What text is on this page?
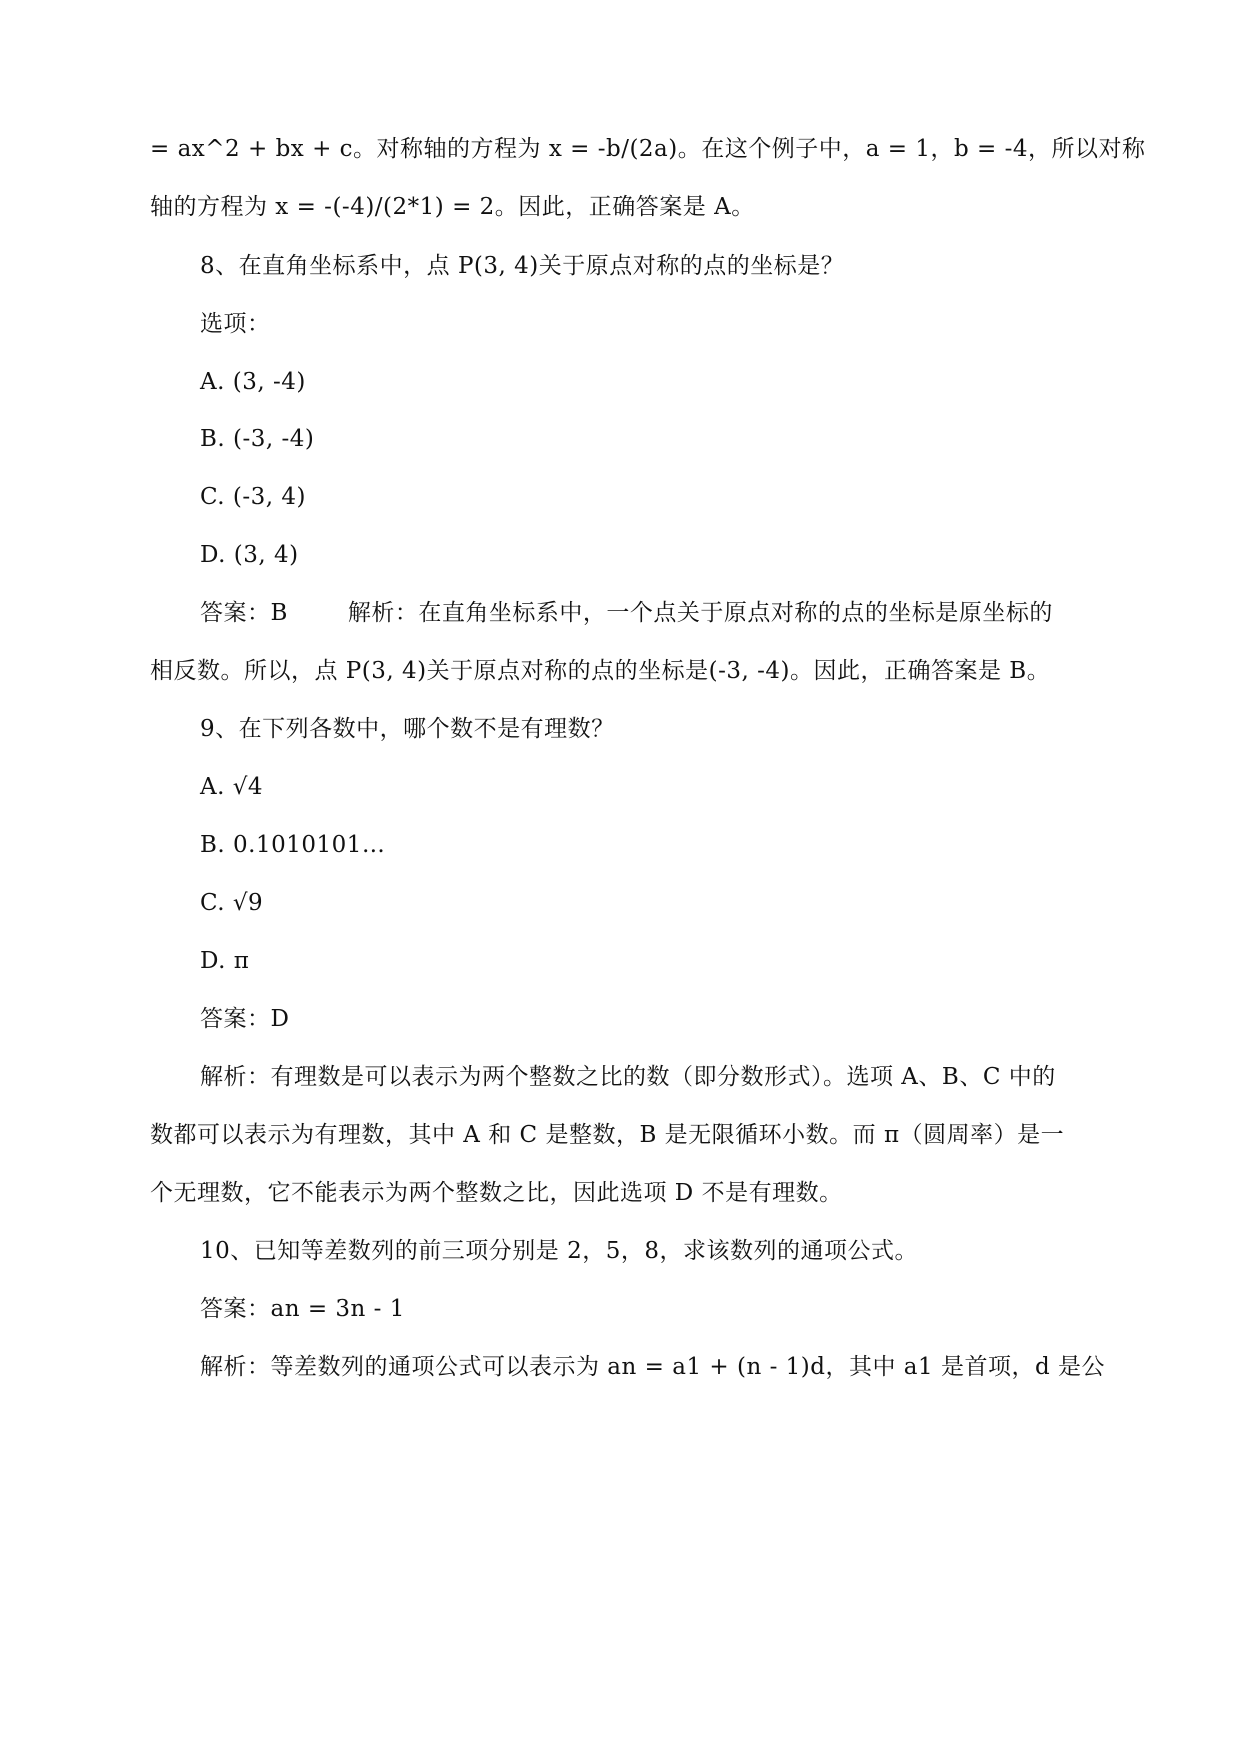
= ax^2 + bx + c。对称轴的方程为 x = -b/(2a)。在这个例子中，a = 1，b = -4，所以对称
轴的方程为 x = -(-4)/(2*1) = 2。因此，正确答案是 A。
8、在直角坐标系中，点 P(3, 4)关于原点对称的点的坐标是？
选项：
A. (3, -4)
B. (-3, -4)
C. (-3, 4)
D. (3, 4)
答案：B	解析：在直角坐标系中，一个点关于原点对称的点的坐标是原坐标的
相反数。所以，点 P(3, 4)关于原点对称的点的坐标是(-3, -4)。因此，正确答案是 B。
9、在下列各数中，哪个数不是有理数？
A. √4
B. 0.1010101…
C. √9
D. π
答案：D
解析：有理数是可以表示为两个整数之比的数（即分数形式）。选项 A、B、C 中的
数都可以表示为有理数，其中 A 和 C 是整数，B 是无限循环小数。而 π（圆周率）是一
个无理数，它不能表示为两个整数之比，因此选项 D 不是有理数。
10、已知等差数列的前三项分别是 2，5，8，求该数列的通项公式。
答案：an = 3n - 1
解析：等差数列的通项公式可以表示为 an = a1 + (n - 1)d，其中 a1 是首项，d 是公
